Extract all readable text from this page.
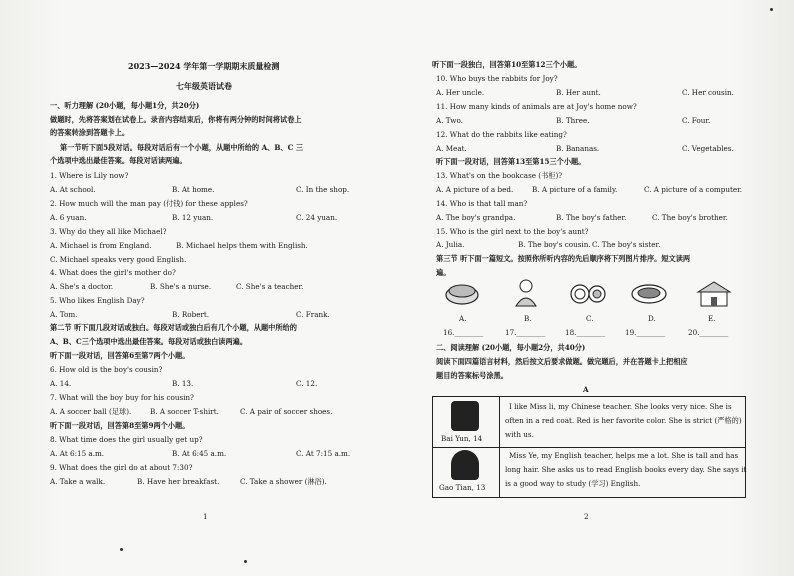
2023—2024 学年第一学期期末质量检测
七年级英语试卷
一、听力理解 (20小题，每小题1分，共20分)
做题时，先将答案划在试卷上。录音内容结束后，你将有两分钟的时间将试卷上
的答案转涂到答题卡上。
第一节听下面5段对话。每段对话后有一个小题，从题中所给的 A、B、C 三
个选项中选出最佳答案。每段对话读两遍。
1. Where is Lily now?
A. At school.	B. At home.	C. In the shop.
2. How much will the man pay (付钱) for these apples?
A. 6 yuan.	B. 12 yuan.	C. 24 yuan.
3. Why do they all like Michael?
A. Michael is from England.	B. Michael helps them with English.
C. Michael speaks very good English.
4. What does the girl's mother do?
A. She's a doctor.	B. She's a nurse.	C. She's a teacher.
5. Who likes English Day?
A. Tom.	B. Robert.	C. Frank.
第二节 听下面几段对话或独白。每段对话或独白后有几个小题，从题中所给的
A、B、C三个选项中选出最佳答案。每段对话或独白读两遍。
听下面一段对话，回答第6至第7两个小题。
6. How old is the boy's cousin?
A. 14.	B. 13.	C. 12.
7. What will the boy buy for his cousin?
A. A soccer ball (足球).	B. A soccer T-shirt.	C. A pair of soccer shoes.
听下面一段对话，回答第8至第9两个小题。
8. What time does the girl usually get up?
A. At 6:15 a.m.	B. At 6:45 a.m.	C. At 7:15 a.m.
9. What does the girl do at about 7:30?
A. Take a walk.	B. Have her breakfast.	C. Take a shower (淋浴).
1
听下面一段独白，回答第10至第12三个小题。
10. Who buys the rabbits for Joy?
A. Her uncle.	B. Her aunt.	C. Her cousin.
11. How many kinds of animals are at Joy's home now?
A. Two.	B. Three.	C. Four.
12. What do the rabbits like eating?
A. Meat.	B. Bananas.	C. Vegetables.
听下面一段对话，回答第13至第15三个小题。
13. What's on the bookcase (书柜)?
A. A picture of a bed.	B. A picture of a family.	C. A picture of a computer.
14. Who is that tall man?
A. The boy's grandpa.	B. The boy's father.	C. The boy's brother.
15. Who is the girl next to the boy's aunt?
A. Julia.	B. The boy's cousin. C. The boy's sister.
第三节 听下面一篇短文。按照你所听内容的先后顺序将下列图片排序。短文读两
遍。
A.	B.	C.	D.	E.
16.________	17.________	18.________	19.________	20.________
二、阅读理解 (20小题，每小题2分，共40分)
阅读下面四篇语言材料，然后按文后要求做题。做完题后，并在答题卡上把相应
题目的答案标号涂黑。
A
Bai Yun, 14
I like Miss li, my Chinese teacher. She looks very nice. She is
often in a red coat. Red is her favorite color. She is strict (严格的)
with us.
Gao Tian, 13
Miss Ye, my English teacher, helps me a lot. She is tall and has
long hair. She asks us to read English books every day. She says it
is a good way to study (学习) English.
2
